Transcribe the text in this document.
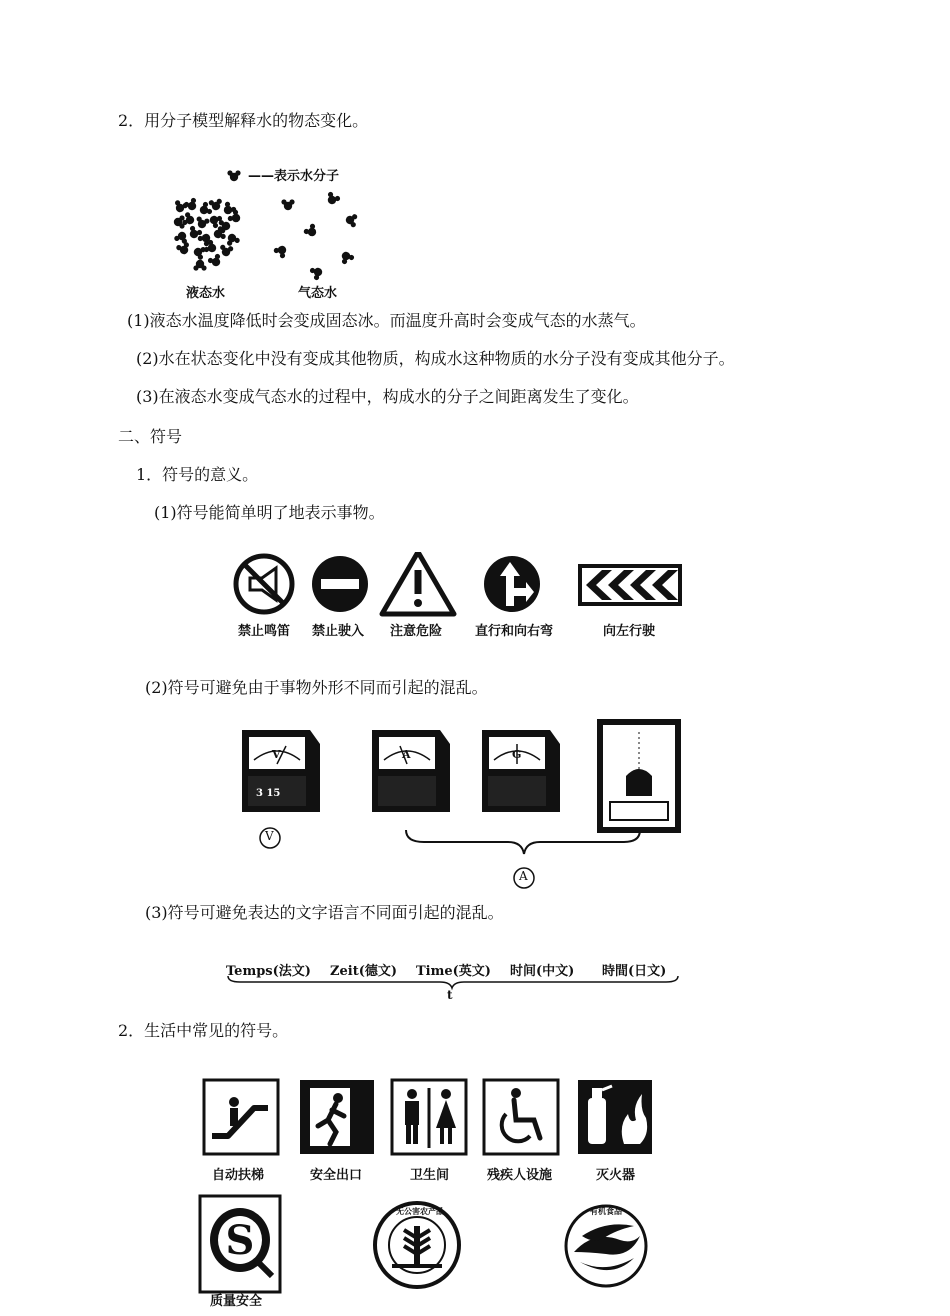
2．用分子模型解释水的物态变化。
——表示水分子
液态水	气态水
(1)液态水温度降低时会变成固态冰。而温度升高时会变成气态的水蒸气。
(2)水在状态变化中没有变成其他物质，构成水这种物质的水分子没有变成其他分子。
(3)在液态水变成气态水的过程中，构成水的分子之间距离发生了变化。
二、符号
1．符号的意义。
(1)符号能简单明了地表示事物。
禁止鸣笛 禁止驶入 注意危险	直行和向右弯	向左行驶
(2)符号可避免由于事物外形不同而引起的混乱。
V	A	G
3 15
V
A
(3)符号可避免表达的文字语言不同面引起的混乱。
Temps(法文) Zeit(德文) Time(英文) 时间(中文) 時間(日文)
t
2．生活中常见的符号。
自动扶梯	安全出口	卫生间	残疾人设施	灭火器
S
质量安全
无公害农产品	有机食品
